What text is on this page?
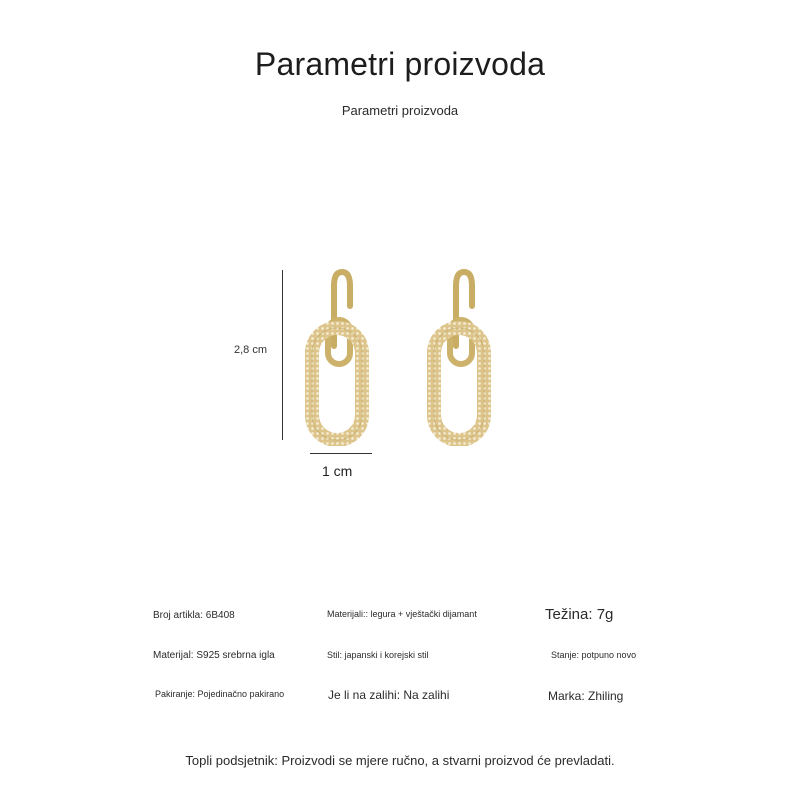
Parametri proizvoda
Parametri proizvoda
2,8 cm
1 cm
Broj artikla: 6B408	Materijali:: legura + vještački dijamant	Težina: 7g
Materijal: S925 srebrna igla	Stil: japanski i korejski stil	Stanje: potpuno novo
Pakiranje: Pojedinačno pakirano	Je li na zalihi: Na zalihi	Marka: Zhiling
Topli podsjetnik: Proizvodi se mjere ručno, a stvarni proizvod će prevladati.
